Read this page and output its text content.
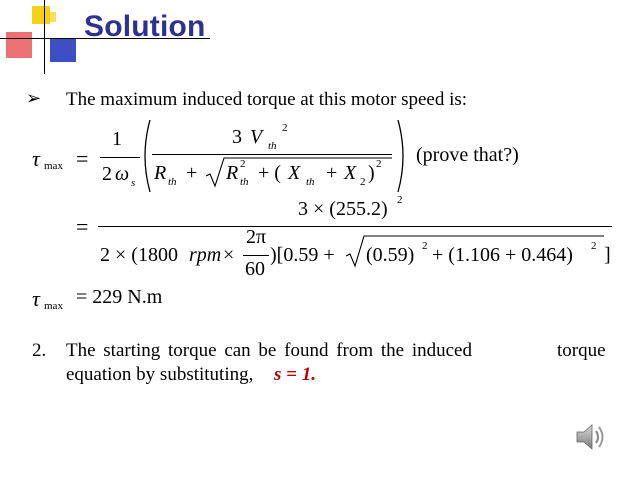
Solution
➢ The maximum induced torque at this motor speed is:
τ max =
1
2 ω s
3 V th
2
R th + R 2
th + ( X th + X 2 ) 2 (prove that?)
=
3 × (255.2) 2
2 × (1800 rpm ×
2π
60
)[0.59 + (0.59) 2 + (1.106 + 0.464) 2 ]
τ max = 229 N.m
2. The starting torque can be found from the induced	torque
equation by substituting, s = 1.
